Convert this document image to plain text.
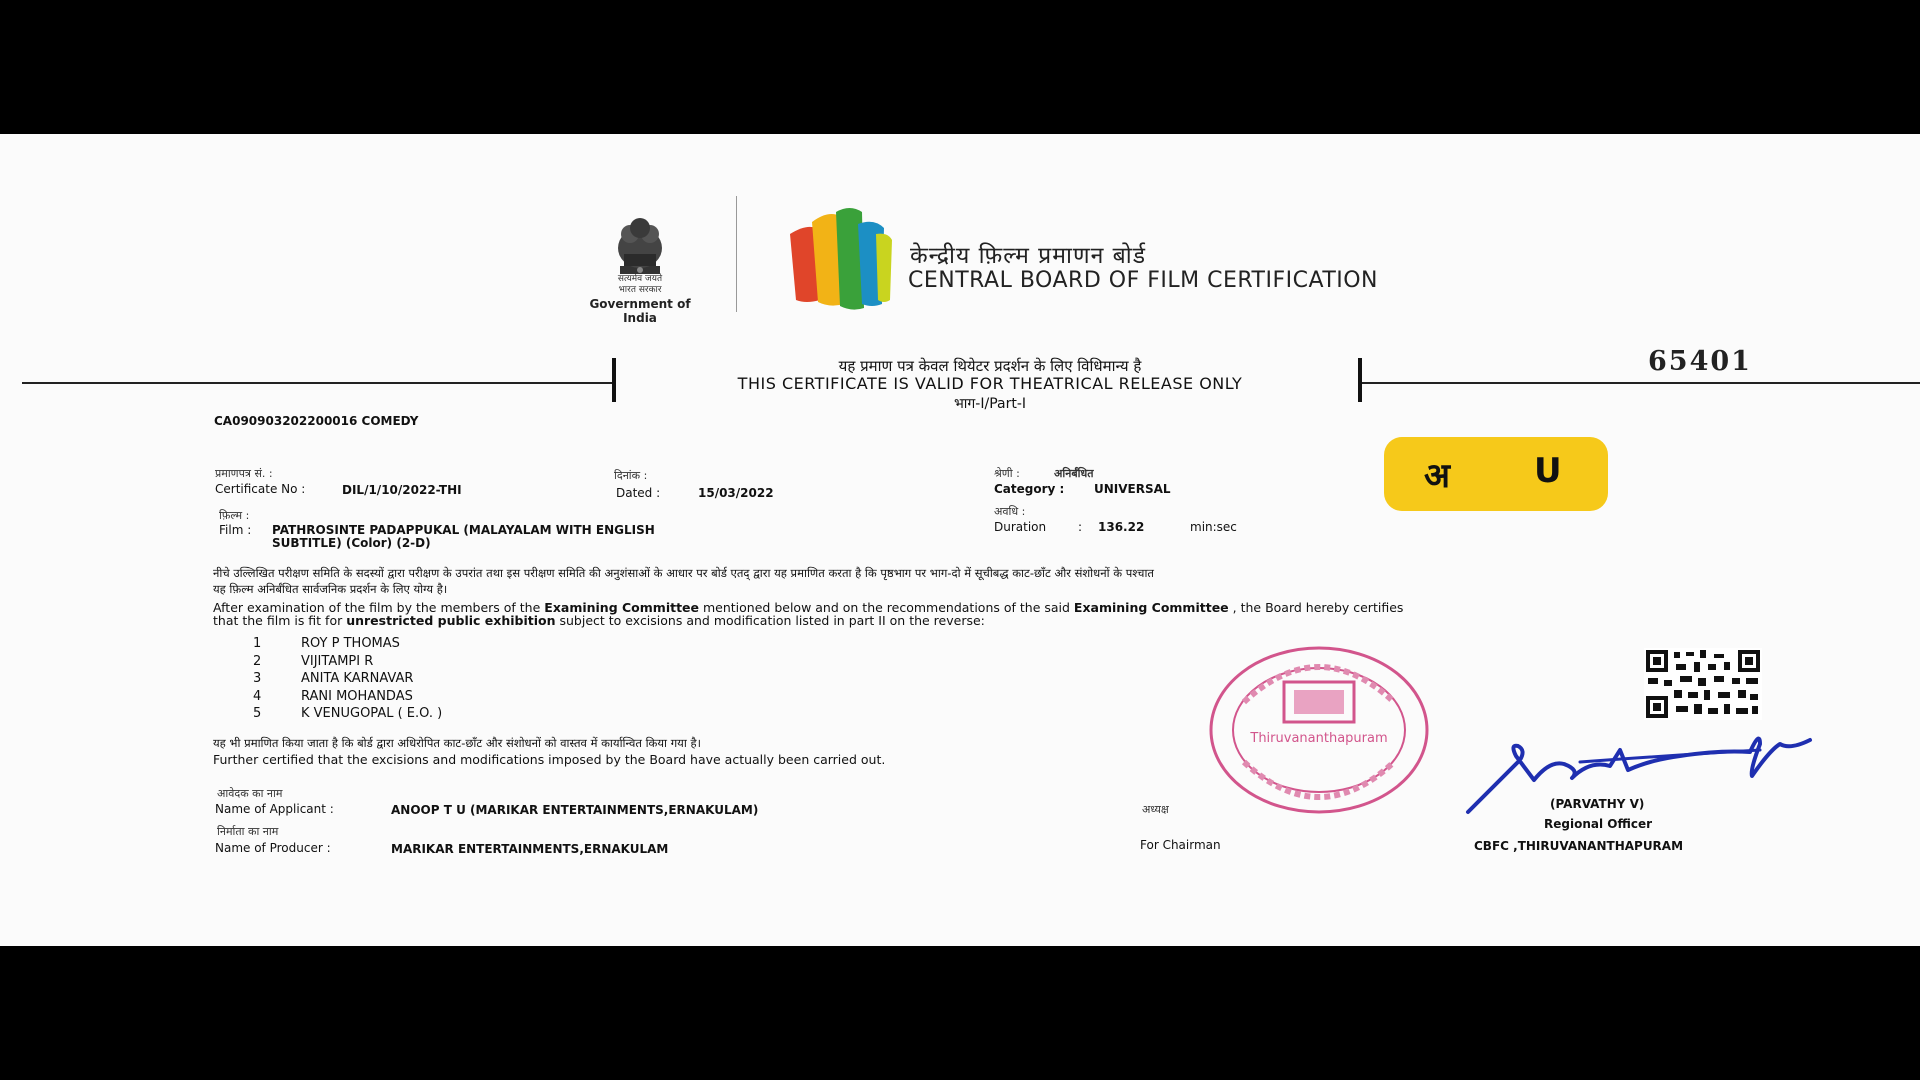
सत्यमेव जयते
भारत सरकार
Government of India
केन्द्रीय फ़िल्म प्रमाणन बोर्ड
CENTRAL BOARD OF FILM CERTIFICATION
यह प्रमाण पत्र केवल थियेटर प्रदर्शन के लिए विधिमान्य है
THIS CERTIFICATE IS VALID FOR THEATRICAL RELEASE ONLY
भाग-I/Part-I
65401
CA090903202200016 COMEDY
प्रमाणपत्र सं. :
Certificate No :	DIL/1/10/2022-THI
दिनांक :
Dated :	15/03/2022
श्रेणी :	अनिर्बंधित
Category : UNIVERSAL
फ़िल्म :
Film : PATHROSINTE PADAPPUKAL (MALAYALAM WITH ENGLISH
SUBTITLE) (Color) (2-D)
अवधि :
Duration	: 136.22	min:sec
अ U
नीचे उल्लिखित परीक्षण समिति के सदस्यों द्वारा परीक्षण के उपरांत तथा इस परीक्षण समिति की अनुशंसाओं के आधार पर बोर्ड एतद् द्वारा यह प्रमाणित करता है कि पृष्ठभाग पर भाग-दो में सूचीबद्ध काट-छाँट और संशोधनों के पश्चात
यह फ़िल्म अनिर्बंधित सार्वजनिक प्रदर्शन के लिए योग्य है।
After examination of the film by the members of the Examining Committee mentioned below and on the recommendations of the said Examining Committee , the Board hereby certifies
that the film is fit for unrestricted public exhibition subject to excisions and modification listed in part II on the reverse:
1	ROY P THOMAS
2	VIJITAMPI R
3	ANITA KARNAVAR
4	RANI MOHANDAS
5	K VENUGOPAL ( E.O. )
यह भी प्रमाणित किया जाता है कि बोर्ड द्वारा अधिरोपित काट-छाँट और संशोधनों को वास्तव में कार्यान्वित किया गया है।
Further certified that the excisions and modifications imposed by the Board have actually been carried out.
आवेदक का नाम
Name of Applicant :	ANOOP T U (MARIKAR ENTERTAINMENTS,ERNAKULAM)
निर्माता का नाम
Name of Producer :	MARIKAR ENTERTAINMENTS,ERNAKULAM
अध्यक्ष
For Chairman
Thiruvananthapuram
(PARVATHY V)
Regional Officer
CBFC ,THIRUVANANTHAPURAM
